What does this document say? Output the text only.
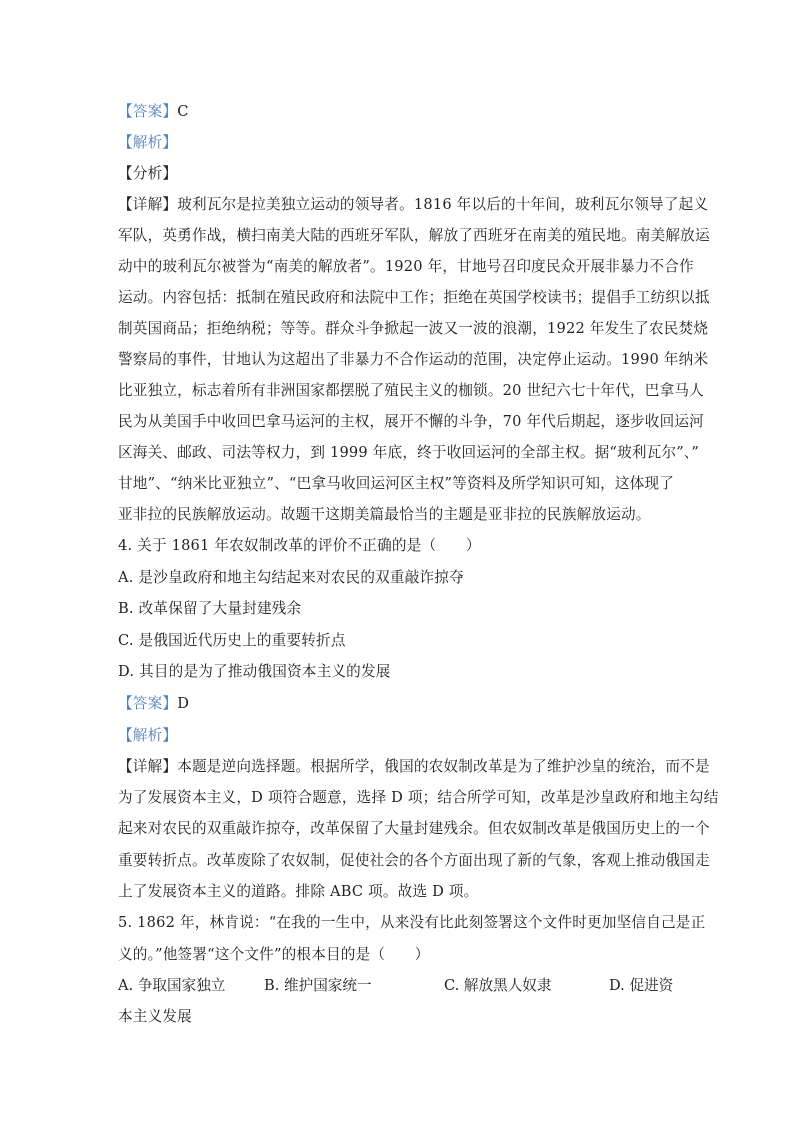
【答案】C
【解析】
【分析】
【详解】玻利瓦尔是拉美独立运动的领导者。1816 年以后的十年间，玻利瓦尔领导了起义
军队，英勇作战，横扫南美大陆的西班牙军队，解放了西班牙在南美的殖民地。南美解放运
动中的玻利瓦尔被誉为“南美的解放者”。1920 年，甘地号召印度民众开展非暴力不合作
运动。内容包括：抵制在殖民政府和法院中工作；拒绝在英国学校读书；提倡手工纺织以抵
制英国商品；拒绝纳税；等等。群众斗争掀起一波又一波的浪潮，1922 年发生了农民焚烧
警察局的事件，甘地认为这超出了非暴力不合作运动的范围，决定停止运动。1990 年纳米
比亚独立，标志着所有非洲国家都摆脱了殖民主义的枷锁。20 世纪六七十年代，巴拿马人
民为从美国手中收回巴拿马运河的主权，展开不懈的斗争，70 年代后期起，逐步收回运河
区海关、邮政、司法等权力，到 1999 年底，终于收回运河的全部主权。据“玻利瓦尔”、”
甘地”、“纳米比亚独立”、“巴拿马收回运河区主权”等资料及所学知识可知，这体现了
亚非拉的民族解放运动。故题干这期美篇最恰当的主题是亚非拉的民族解放运动。
4. 关于 1861 年农奴制改革的评价不正确的是（　　）
A. 是沙皇政府和地主勾结起来对农民的双重敲诈掠夺
B. 改革保留了大量封建残余
C. 是俄国近代历史上的重要转折点
D. 其目的是为了推动俄国资本主义的发展
【答案】D
【解析】
【详解】本题是逆向选择题。根据所学，俄国的农奴制改革是为了维护沙皇的统治，而不是
为了发展资本主义，D 项符合题意，选择 D 项；结合所学可知，改革是沙皇政府和地主勾结
起来对农民的双重敲诈掠夺，改革保留了大量封建残余。但农奴制改革是俄国历史上的一个
重要转折点。改革废除了农奴制，促使社会的各个方面出现了新的气象，客观上推动俄国走
上了发展资本主义的道路。排除 ABC 项。故选 D 项。
5. 1862 年，林肯说：“在我的一生中，从来没有比此刻签署这个文件时更加坚信自己是正
义的。”他签署“这个文件”的根本目的是（　　）
A. 争取国家独立	B. 维护国家统一	C. 解放黑人奴隶	D. 促进资
本主义发展
